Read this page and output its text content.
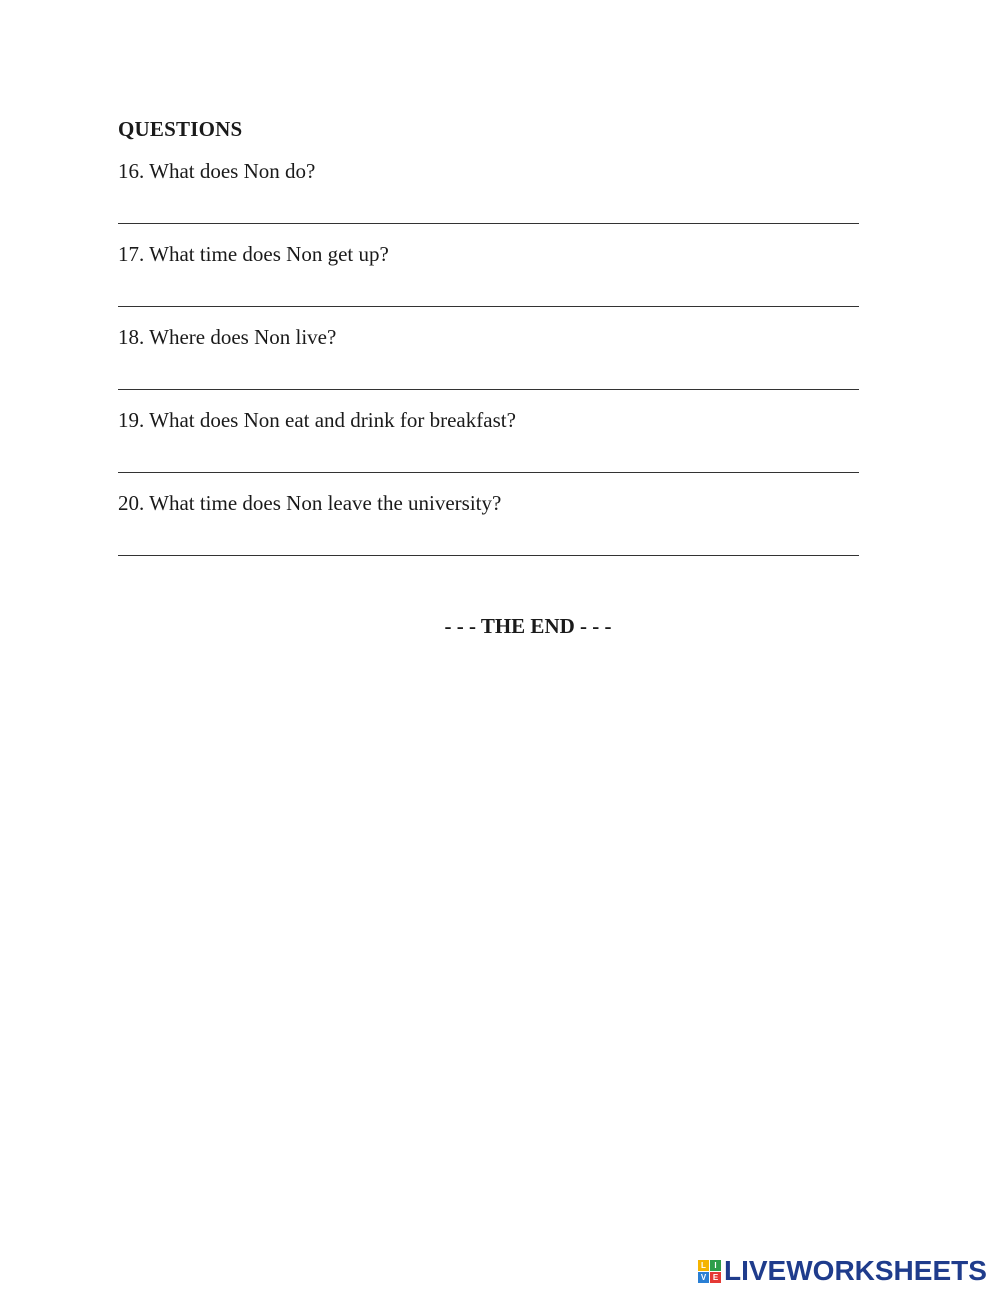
QUESTIONS
16. What does Non do?
17. What time does Non get up?
18. Where does Non live?
19. What does Non eat and drink for breakfast?
20. What time does Non leave the university?
- - - THE END - - -
L	I
V E LIVEWORKSHEETS
